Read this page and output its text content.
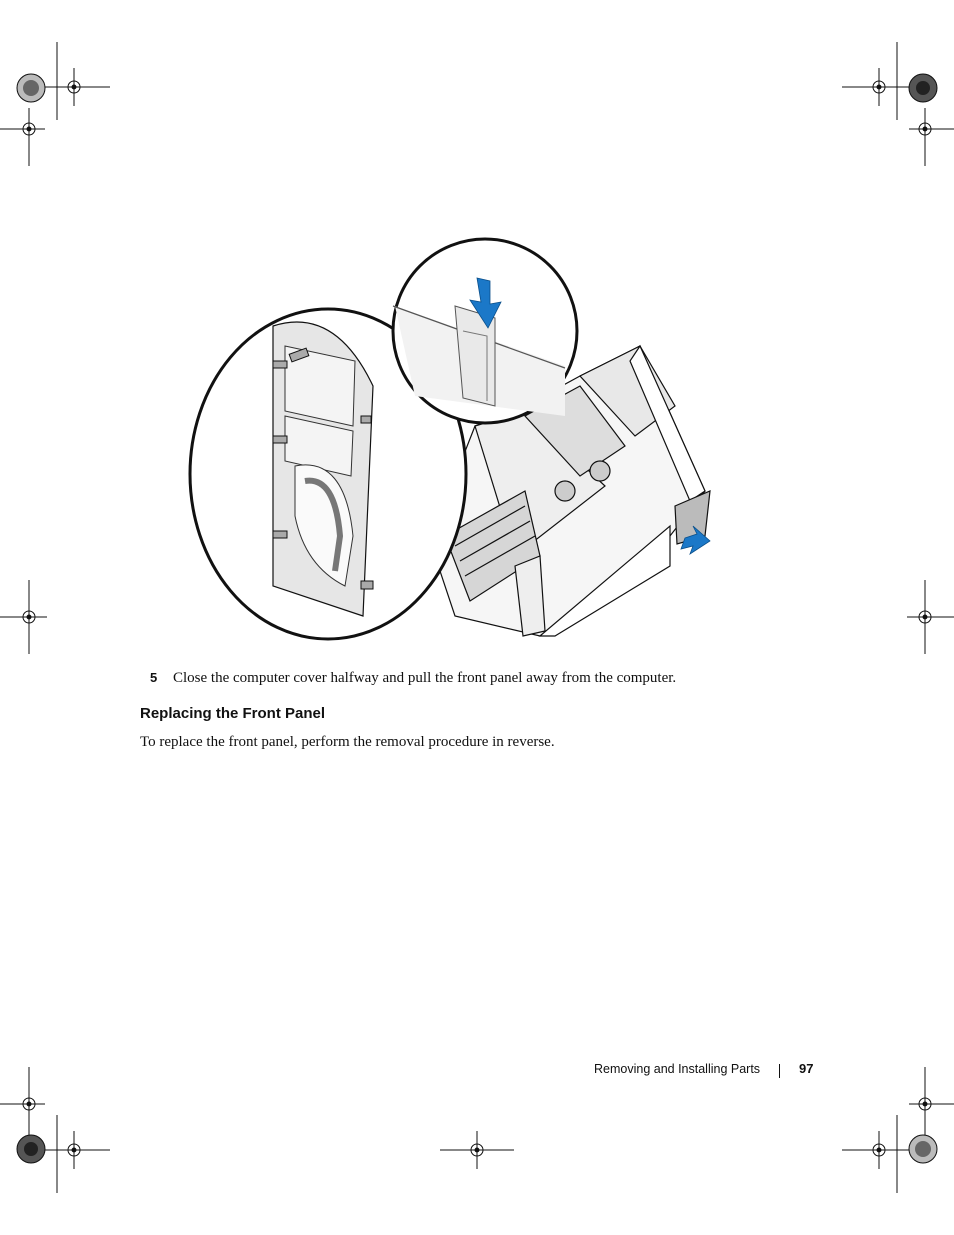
5 Close the computer cover halfway and pull the front panel away from the computer.
Replacing the Front Panel
To replace the front panel, perform the removal procedure in reverse.
Removing and Installing Parts	97
